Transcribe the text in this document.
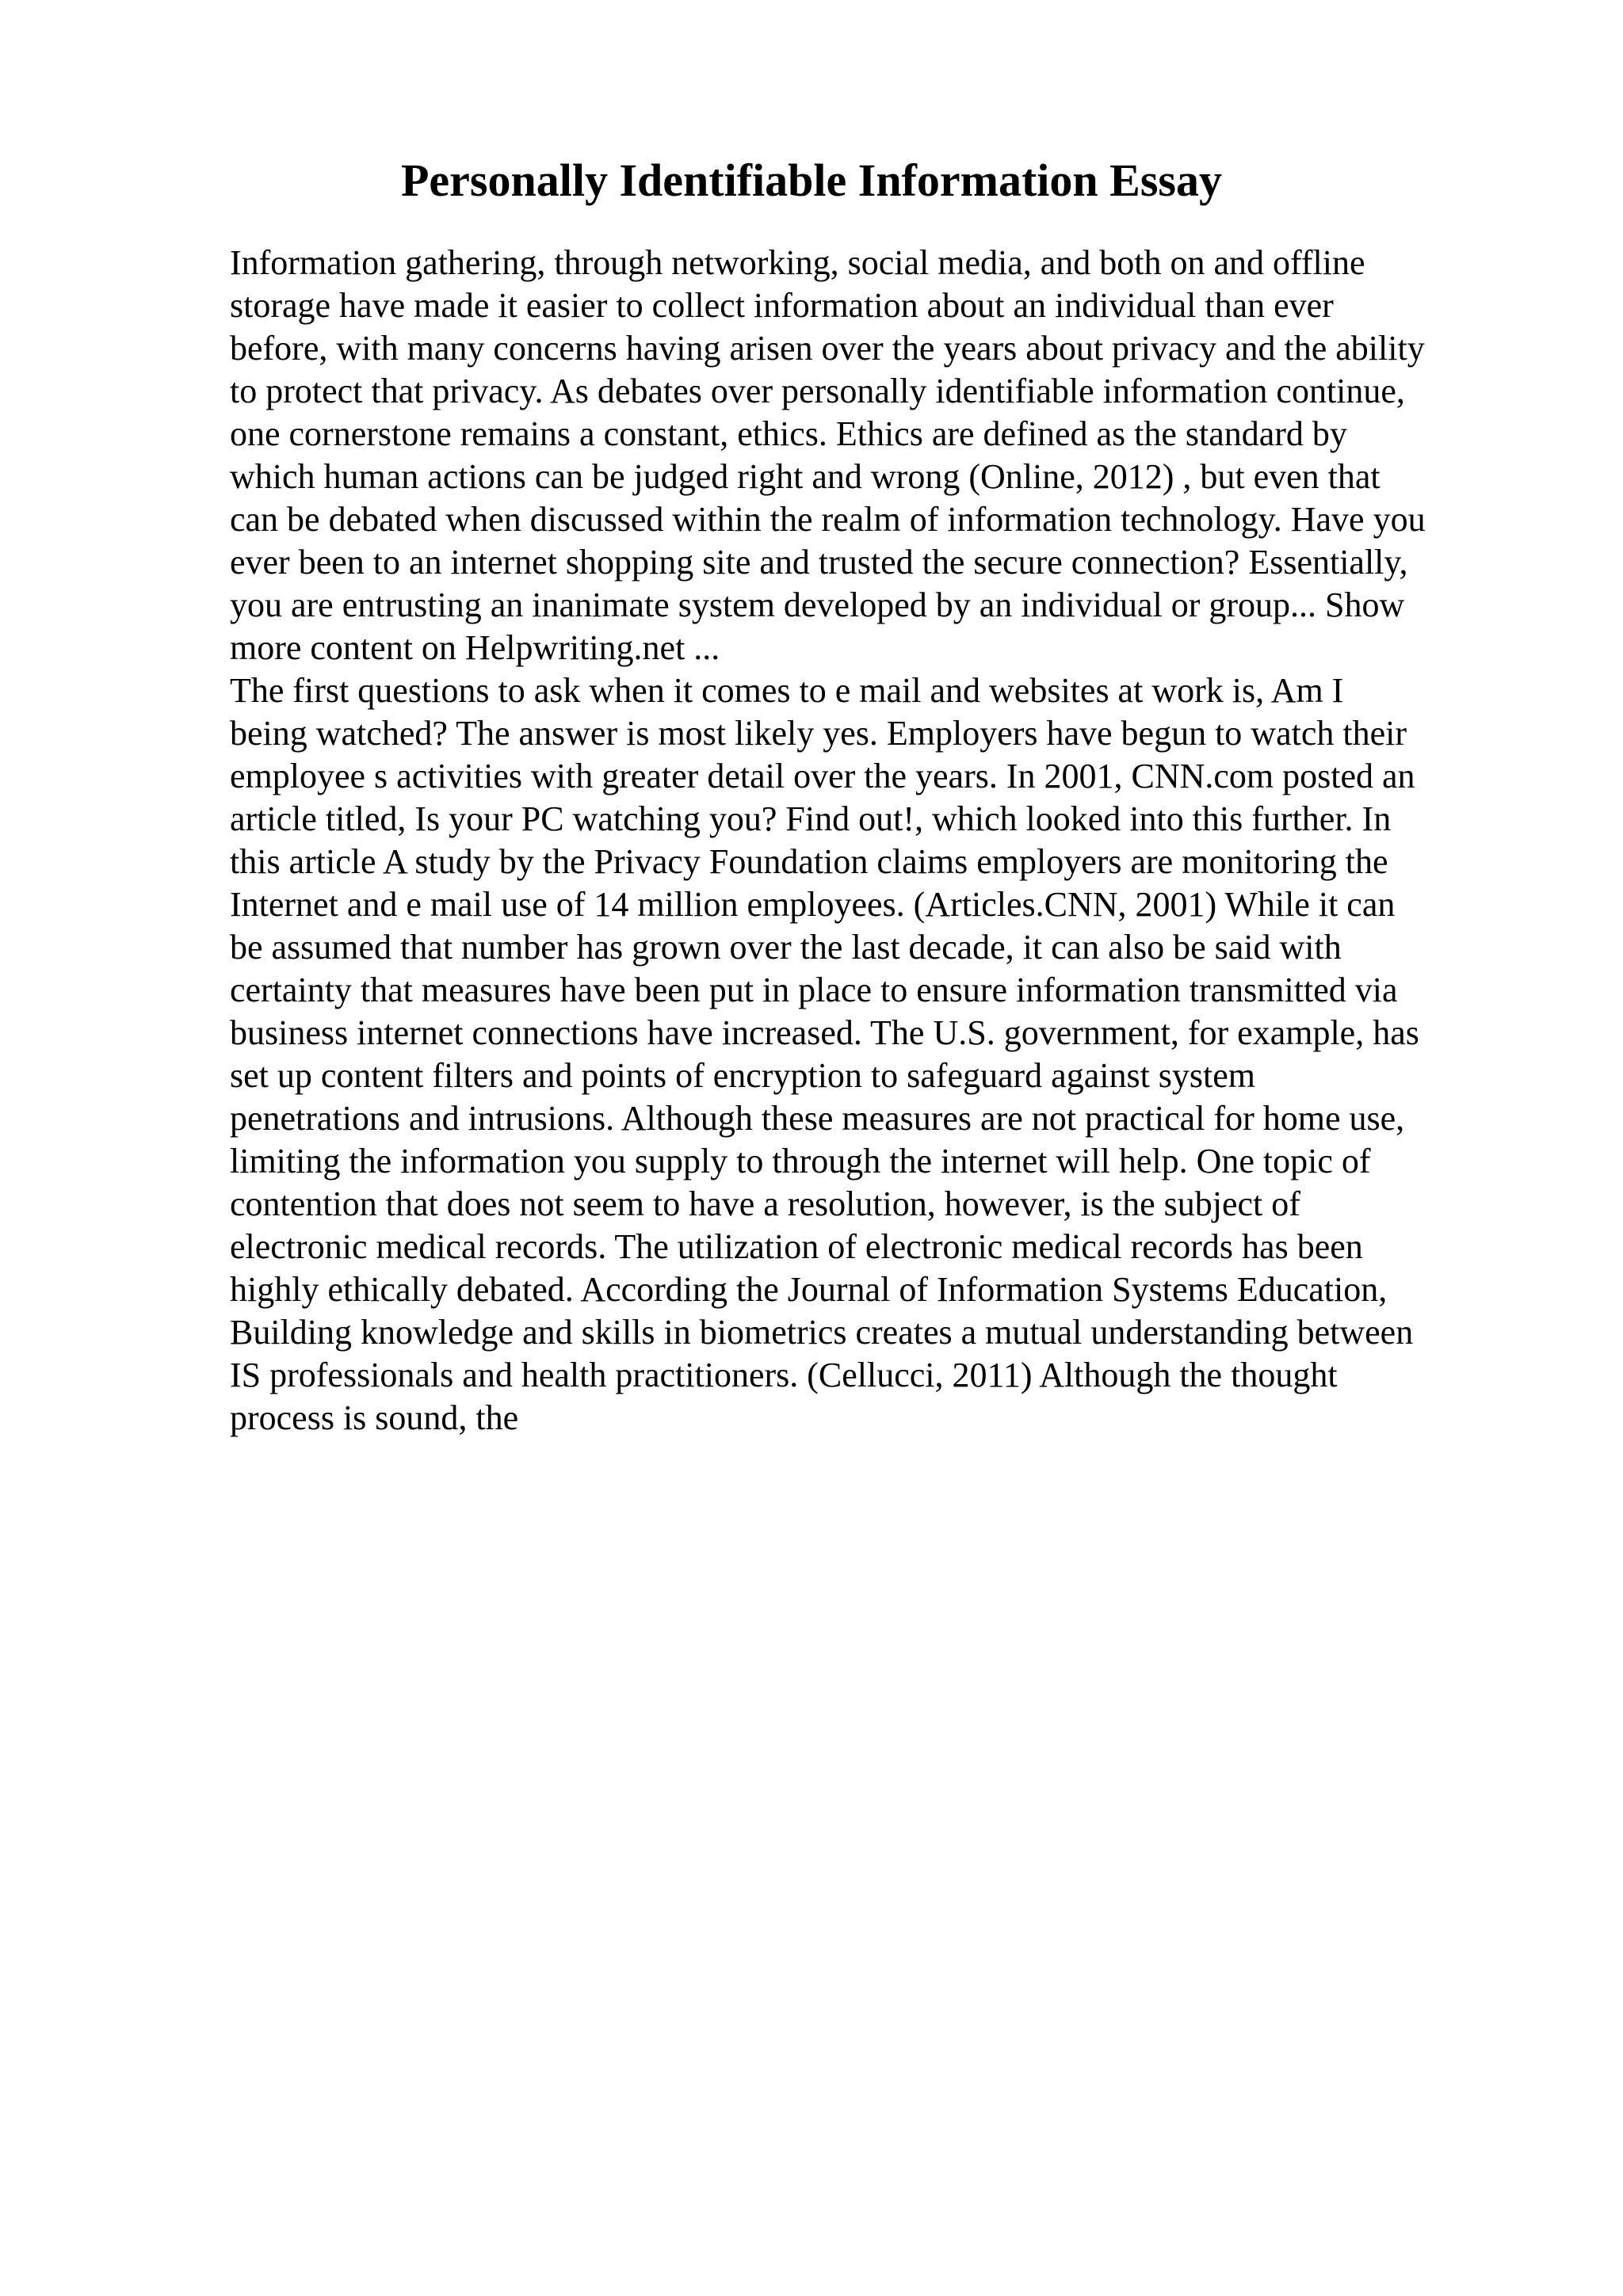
Personally Identifiable Information Essay
Information gathering, through networking, social media, and both on and offline
storage have made it easier to collect information about an individual than ever
before, with many concerns having arisen over the years about privacy and the ability
to protect that privacy. As debates over personally identifiable information continue,
one cornerstone remains a constant, ethics. Ethics are defined as the standard by
which human actions can be judged right and wrong (Online, 2012) , but even that
can be debated when discussed within the realm of information technology. Have you
ever been to an internet shopping site and trusted the secure connection? Essentially,
you are entrusting an inanimate system developed by an individual or group... Show
more content on Helpwriting.net ...
The first questions to ask when it comes to e mail and websites at work is, Am I
being watched? The answer is most likely yes. Employers have begun to watch their
employee s activities with greater detail over the years. In 2001, CNN.com posted an
article titled, Is your PC watching you? Find out!, which looked into this further. In
this article A study by the Privacy Foundation claims employers are monitoring the
Internet and e mail use of 14 million employees. (Articles.CNN, 2001) While it can
be assumed that number has grown over the last decade, it can also be said with
certainty that measures have been put in place to ensure information transmitted via
business internet connections have increased. The U.S. government, for example, has
set up content filters and points of encryption to safeguard against system
penetrations and intrusions. Although these measures are not practical for home use,
limiting the information you supply to through the internet will help. One topic of
contention that does not seem to have a resolution, however, is the subject of
electronic medical records. The utilization of electronic medical records has been
highly ethically debated. According the Journal of Information Systems Education,
Building knowledge and skills in biometrics creates a mutual understanding between
IS professionals and health practitioners. (Cellucci, 2011) Although the thought
process is sound, the
